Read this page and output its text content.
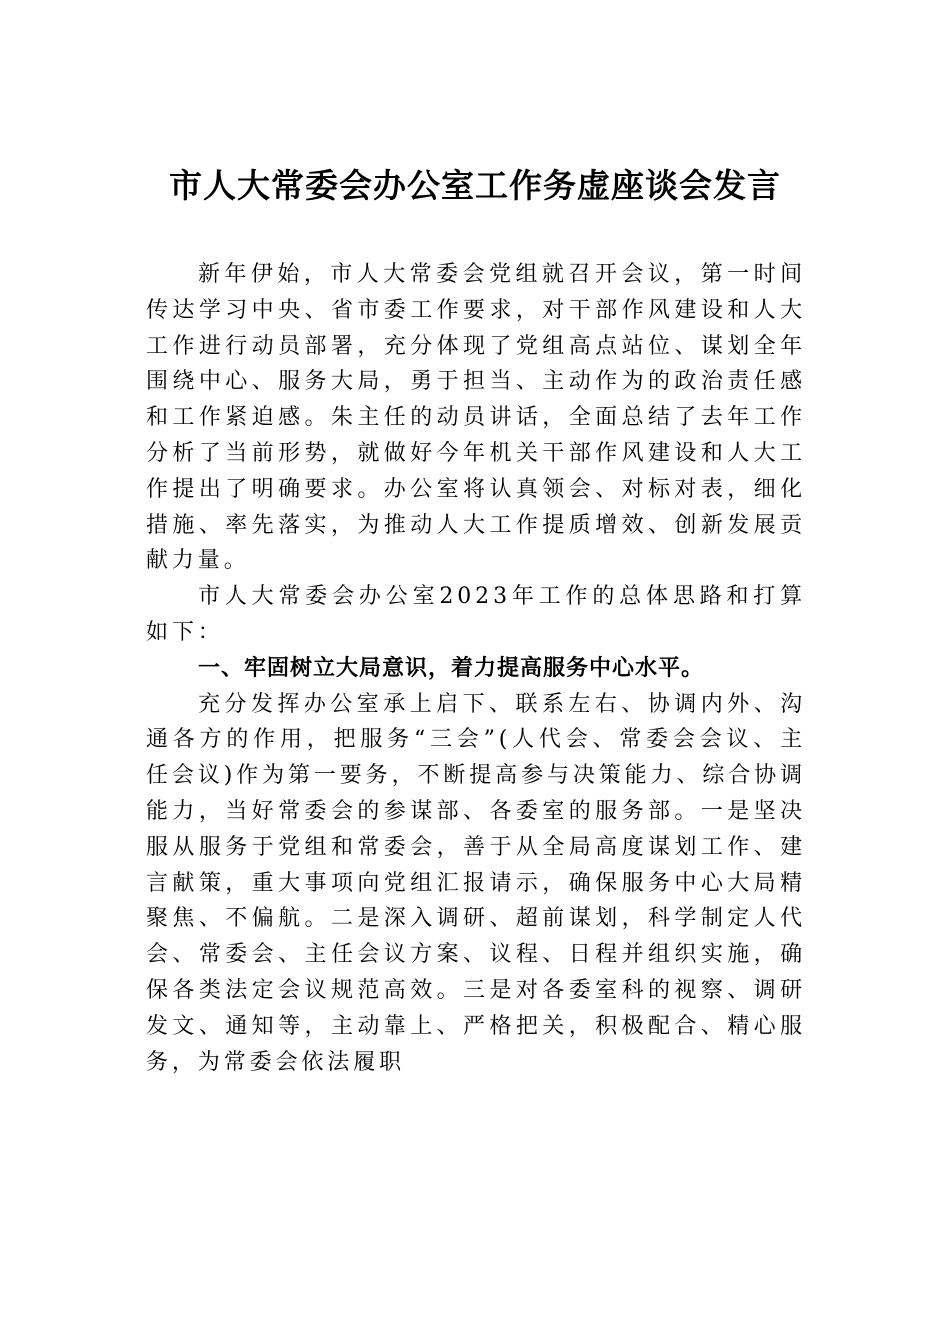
市人大常委会办公室工作务虚座谈会发言

新年伊始，市人大常委会党组就召开会议，第一时间传达学习中央、省市委工作要求，对干部作风建设和人大工作进行动员部署，充分体现了党组高点站位、谋划全年围绕中心、服务大局，勇于担当、主动作为的政治责任感和工作紧迫感。朱主任的动员讲话，全面总结了去年工作分析了当前形势，就做好今年机关干部作风建设和人大工作提出了明确要求。办公室将认真领会、对标对表，细化措施、率先落实，为推动人大工作提质增效、创新发展贡献力量。

市人大常委会办公室2023年工作的总体思路和打算如下：

一、牢固树立大局意识，着力提高服务中心水平。

充分发挥办公室承上启下、联系左右、协调内外、沟通各方的作用，把服务“三会”(人代会、常委会会议、主任会议)作为第一要务，不断提高参与决策能力、综合协调能力，当好常委会的参谋部、各委室的服务部。一是坚决服从服务于党组和常委会，善于从全局高度谋划工作、建言献策，重大事项向党组汇报请示，确保服务中心大局精聚焦、不偏航。二是深入调研、超前谋划，科学制定人代会、常委会、主任会议方案、议程、日程并组织实施，确保各类法定会议规范高效。三是对各委室科的视察、调研发文、通知等，主动靠上、严格把关，积极配合、精心服务，为常委会依法履职
